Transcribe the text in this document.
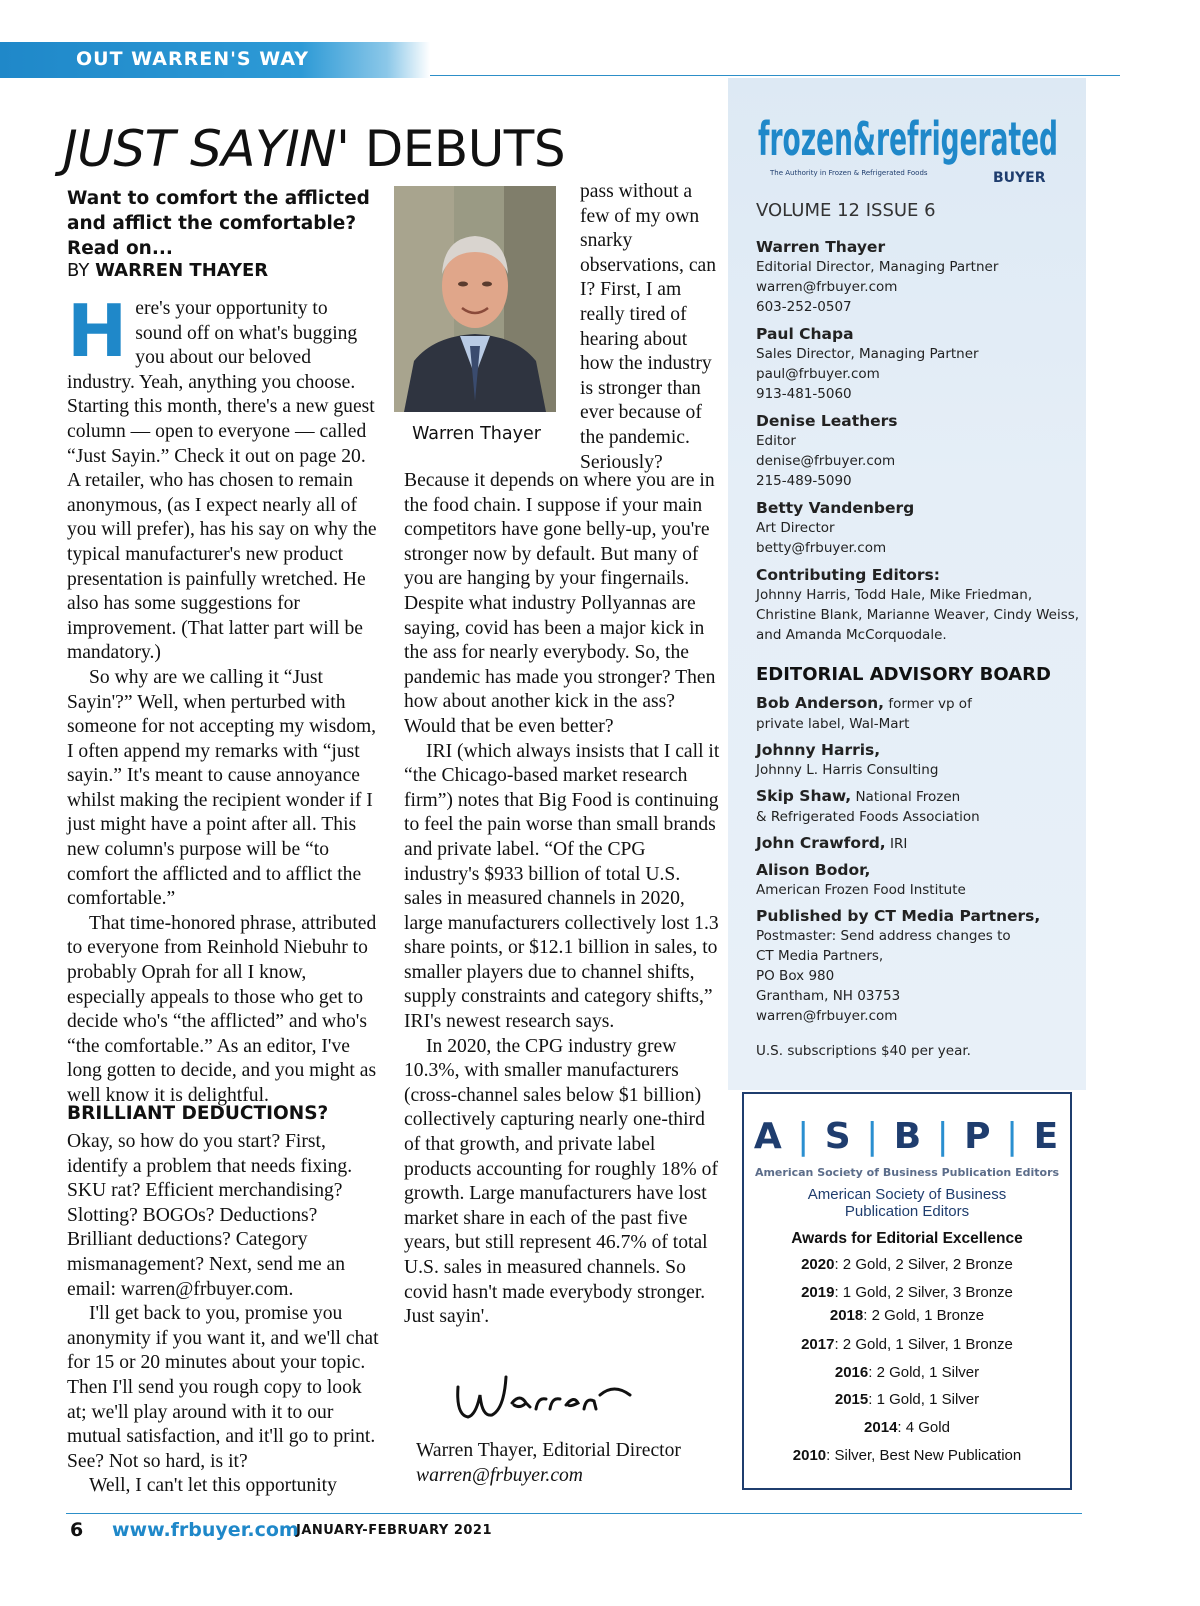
OUT WARREN'S WAY
JUST SAYIN' DEBUTS
Want to comfort the afflicted and afflict the comfortable? Read on...
BY WARREN THAYER

Here's your opportunity to sound off on what's bugging you about our beloved industry. Yeah, anything you choose. Starting this month, there's a new guest column — open to everyone — called “Just Sayin.” Check it out on page 20. A retailer, who has chosen to remain anonymous, (as I expect nearly all of you will prefer), has his say on why the typical manufacturer's new product presentation is painfully wretched. He also has some suggestions for improvement. (That latter part will be mandatory.)

So why are we calling it “Just Sayin'?” Well, when perturbed with someone for not accepting my wisdom, I often append my remarks with “just sayin.” It's meant to cause annoyance whilst making the recipient wonder if I just might have a point after all. This new column's purpose will be “to comfort the afflicted and to afflict the comfortable.”

That time-honored phrase, attributed to everyone from Reinhold Niebuhr to probably Oprah for all I know, especially appeals to those who get to decide who's “the afflicted” and who's “the comfortable.” As an editor, I've long gotten to decide, and you might as well know it is delightful.

BRILLIANT DEDUCTIONS?

Okay, so how do you start? First, identify a problem that needs fixing. SKU rat? Efficient merchandising? Slotting? BOGOs? Deductions? Brilliant deductions? Category mismanagement? Next, send me an email: warren@frbuyer.com.

I'll get back to you, promise you anonymity if you want it, and we'll chat for 15 or 20 minutes about your topic. Then I'll send you rough copy to look at; we'll play around with it to our mutual satisfaction, and it'll go to print. See? Not so hard, is it?

Well, I can't let this opportunity

Warren Thayer
pass without a few of my own snarky observations, can I? First, I am really tired of hearing about how the industry is stronger than ever because of the pandemic. Seriously?

Because it depends on where you are in the food chain. I suppose if your main competitors have gone belly-up, you're stronger now by default. But many of you are hanging by your fingernails. Despite what industry Pollyannas are saying, covid has been a major kick in the ass for nearly everybody. So, the pandemic has made you stronger? Then how about another kick in the ass? Would that be even better?

IRI (which always insists that I call it “the Chicago-based market research firm”) notes that Big Food is continuing to feel the pain worse than small brands and private label. “Of the CPG industry's $933 billion of total U.S. sales in measured channels in 2020, large manufacturers collectively lost 1.3 share points, or $12.1 billion in sales, to smaller players due to channel shifts, supply constraints and category shifts,” IRI's newest research says.

In 2020, the CPG industry grew 10.3%, with smaller manufacturers (cross-channel sales below $1 billion) collectively capturing nearly one-third of that growth, and private label products accounting for roughly 18% of growth. Large manufacturers have lost market share in each of the past five years, but still represent 46.7% of total U.S. sales in measured channels. So covid hasn't made everybody stronger. Just sayin'.

Warren Thayer, Editorial Director
warren@frbuyer.com
frozen&refrigerated
The Authority in Frozen & Refrigerated Foods	BUYER
VOLUME 12 ISSUE 6
Warren Thayer
Editorial Director, Managing Partner
warren@frbuyer.com
603-252-0507
Paul Chapa
Sales Director, Managing Partner
paul@frbuyer.com
913-481-5060
Denise Leathers
Editor
denise@frbuyer.com
215-489-5090
Betty Vandenberg
Art Director
betty@frbuyer.com
Contributing Editors:
Johnny Harris, Todd Hale, Mike Friedman,
Christine Blank, Marianne Weaver, Cindy Weiss,
and Amanda McCorquodale.
EDITORIAL ADVISORY BOARD
Bob Anderson, former vp of
private label, Wal-Mart
Johnny Harris,
Johnny L. Harris Consulting
Skip Shaw, National Frozen
& Refrigerated Foods Association
John Crawford, IRI
Alison Bodor,
American Frozen Food Institute
Published by CT Media Partners,
Postmaster: Send address changes to
CT Media Partners,
PO Box 980
Grantham, NH 03753
warren@frbuyer.com
U.S. subscriptions $40 per year.
A | S | B | P | E
American Society of Business Publication Editors
American Society of Business
Publication Editors
Awards for Editorial Excellence
2020: 2 Gold, 2 Silver, 2 Bronze
2019: 1 Gold, 2 Silver, 3 Bronze
2018: 2 Gold, 1 Bronze
2017: 2 Gold, 1 Silver, 1 Bronze
2016: 2 Gold, 1 Silver
2015: 1 Gold, 1 Silver
2014: 4 Gold
2010: Silver, Best New Publication
6 www.frbuyer.com
JANUARY-FEBRUARY 2021
